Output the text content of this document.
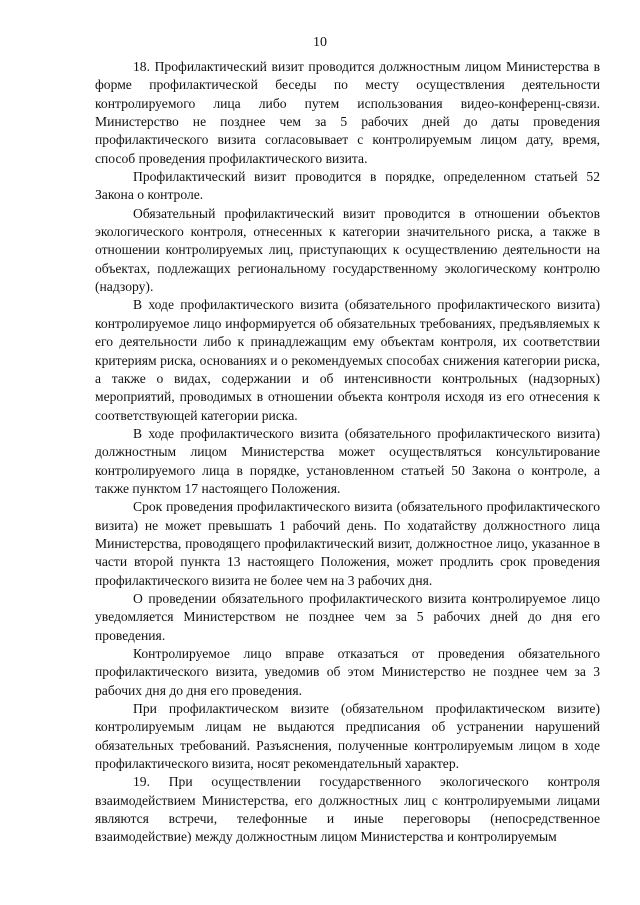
10

18. Профилактический визит проводится должностным лицом Министерства в форме профилактической беседы по месту осуществления деятельности контролируемого лица либо путем использования видео-конференц-связи. Министерство не позднее чем за 5 рабочих дней до даты проведения профилактического визита согласовывает с контролируемым лицом дату, время, способ проведения профилактического визита.

Профилактический визит проводится в порядке, определенном статьей 52 Закона о контроле.

Обязательный профилактический визит проводится в отношении объектов экологического контроля, отнесенных к категории значительного риска, а также в отношении контролируемых лиц, приступающих к осуществлению деятельности на объектах, подлежащих региональному государственному экологическому контролю (надзору).

В ходе профилактического визита (обязательного профилактического визита) контролируемое лицо информируется об обязательных требованиях, предъявляемых к его деятельности либо к принадлежащим ему объектам контроля, их соответствии критериям риска, основаниях и о рекомендуемых способах снижения категории риска, а также о видах, содержании и об интенсивности контрольных (надзорных) мероприятий, проводимых в отношении объекта контроля исходя из его отнесения к соответствующей категории риска.

В ходе профилактического визита (обязательного профилактического визита) должностным лицом Министерства может осуществляться консультирование контролируемого лица в порядке, установленном статьей 50 Закона о контроле, а также пунктом 17 настоящего Положения.

Срок проведения профилактического визита (обязательного профилактического визита) не может превышать 1 рабочий день. По ходатайству должностного лица Министерства, проводящего профилактический визит, должностное лицо, указанное в части второй пункта 13 настоящего Положения, может продлить срок проведения профилактического визита не более чем на 3 рабочих дня.

О проведении обязательного профилактического визита контролируемое лицо уведомляется Министерством не позднее чем за 5 рабочих дней до дня его проведения.

Контролируемое лицо вправе отказаться от проведения обязательного профилактического визита, уведомив об этом Министерство не позднее чем за 3 рабочих дня до дня его проведения.

При профилактическом визите (обязательном профилактическом визите) контролируемым лицам не выдаются предписания об устранении нарушений обязательных требований. Разъяснения, полученные контролируемым лицом в ходе профилактического визита, носят рекомендательный характер.

19. При осуществлении государственного экологического контроля взаимодействием Министерства, его должностных лиц с контролируемыми лицами являются встречи, телефонные и иные переговоры (непосредственное взаимодействие) между должностным лицом Министерства и контролируемым
